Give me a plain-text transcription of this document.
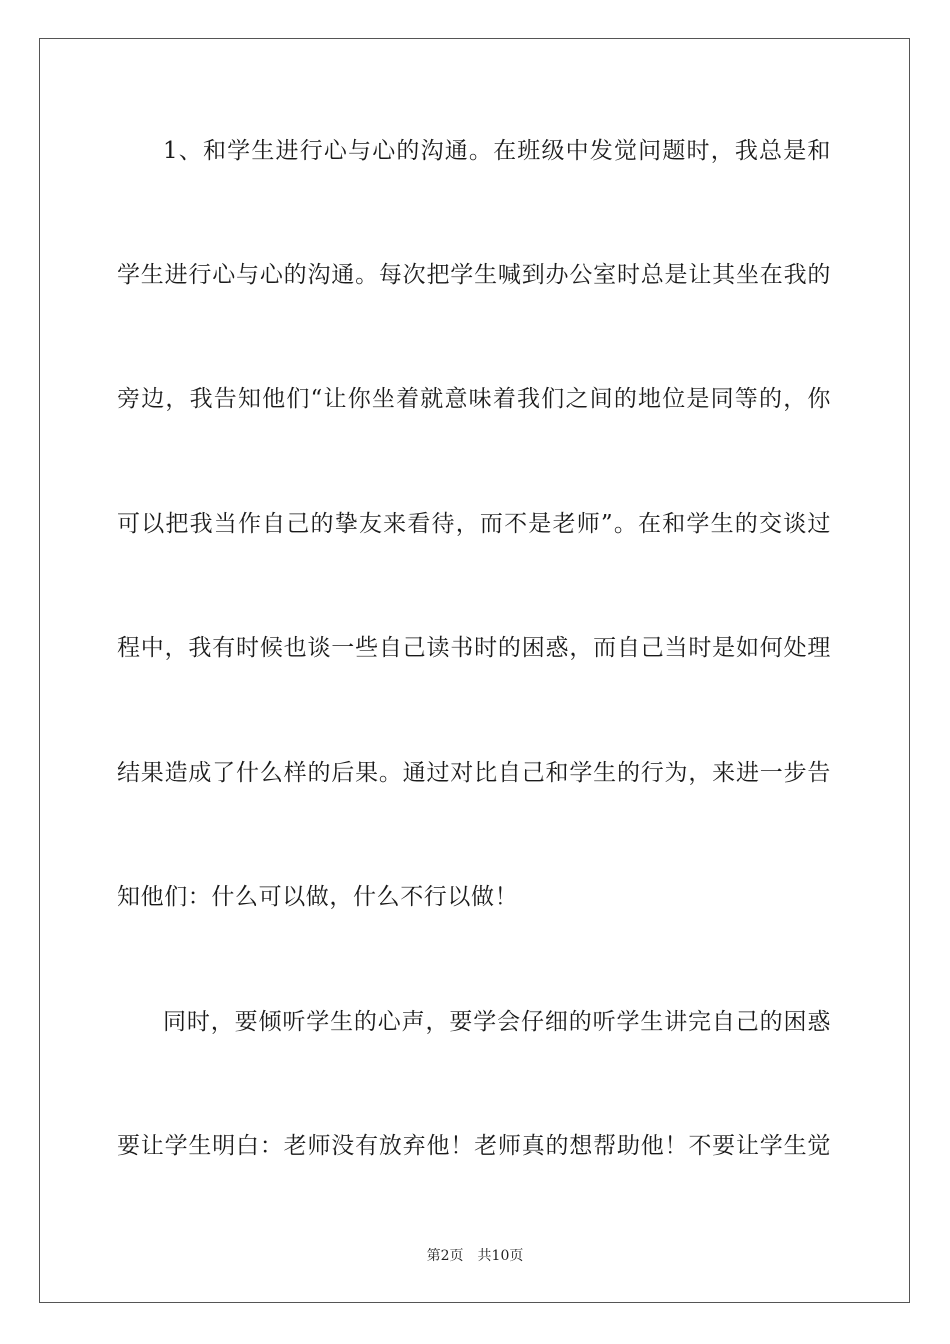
1、和学生进行心与心的沟通。在班级中发觉问题时，我总是和
学生进行心与心的沟通。每次把学生喊到办公室时总是让其坐在我的
旁边，我告知他们“让你坐着就意味着我们之间的地位是同等的，你
可以把我当作自己的挚友来看待，而不是老师”。在和学生的交谈过
程中，我有时候也谈一些自己读书时的困惑，而自己当时是如何处理
结果造成了什么样的后果。通过对比自己和学生的行为，来进一步告
知他们：什么可以做，什么不行以做！
同时，要倾听学生的心声，要学会仔细的听学生讲完自己的困惑
要让学生明白：老师没有放弃他！老师真的想帮助他！不要让学生觉
第2页　共10页
